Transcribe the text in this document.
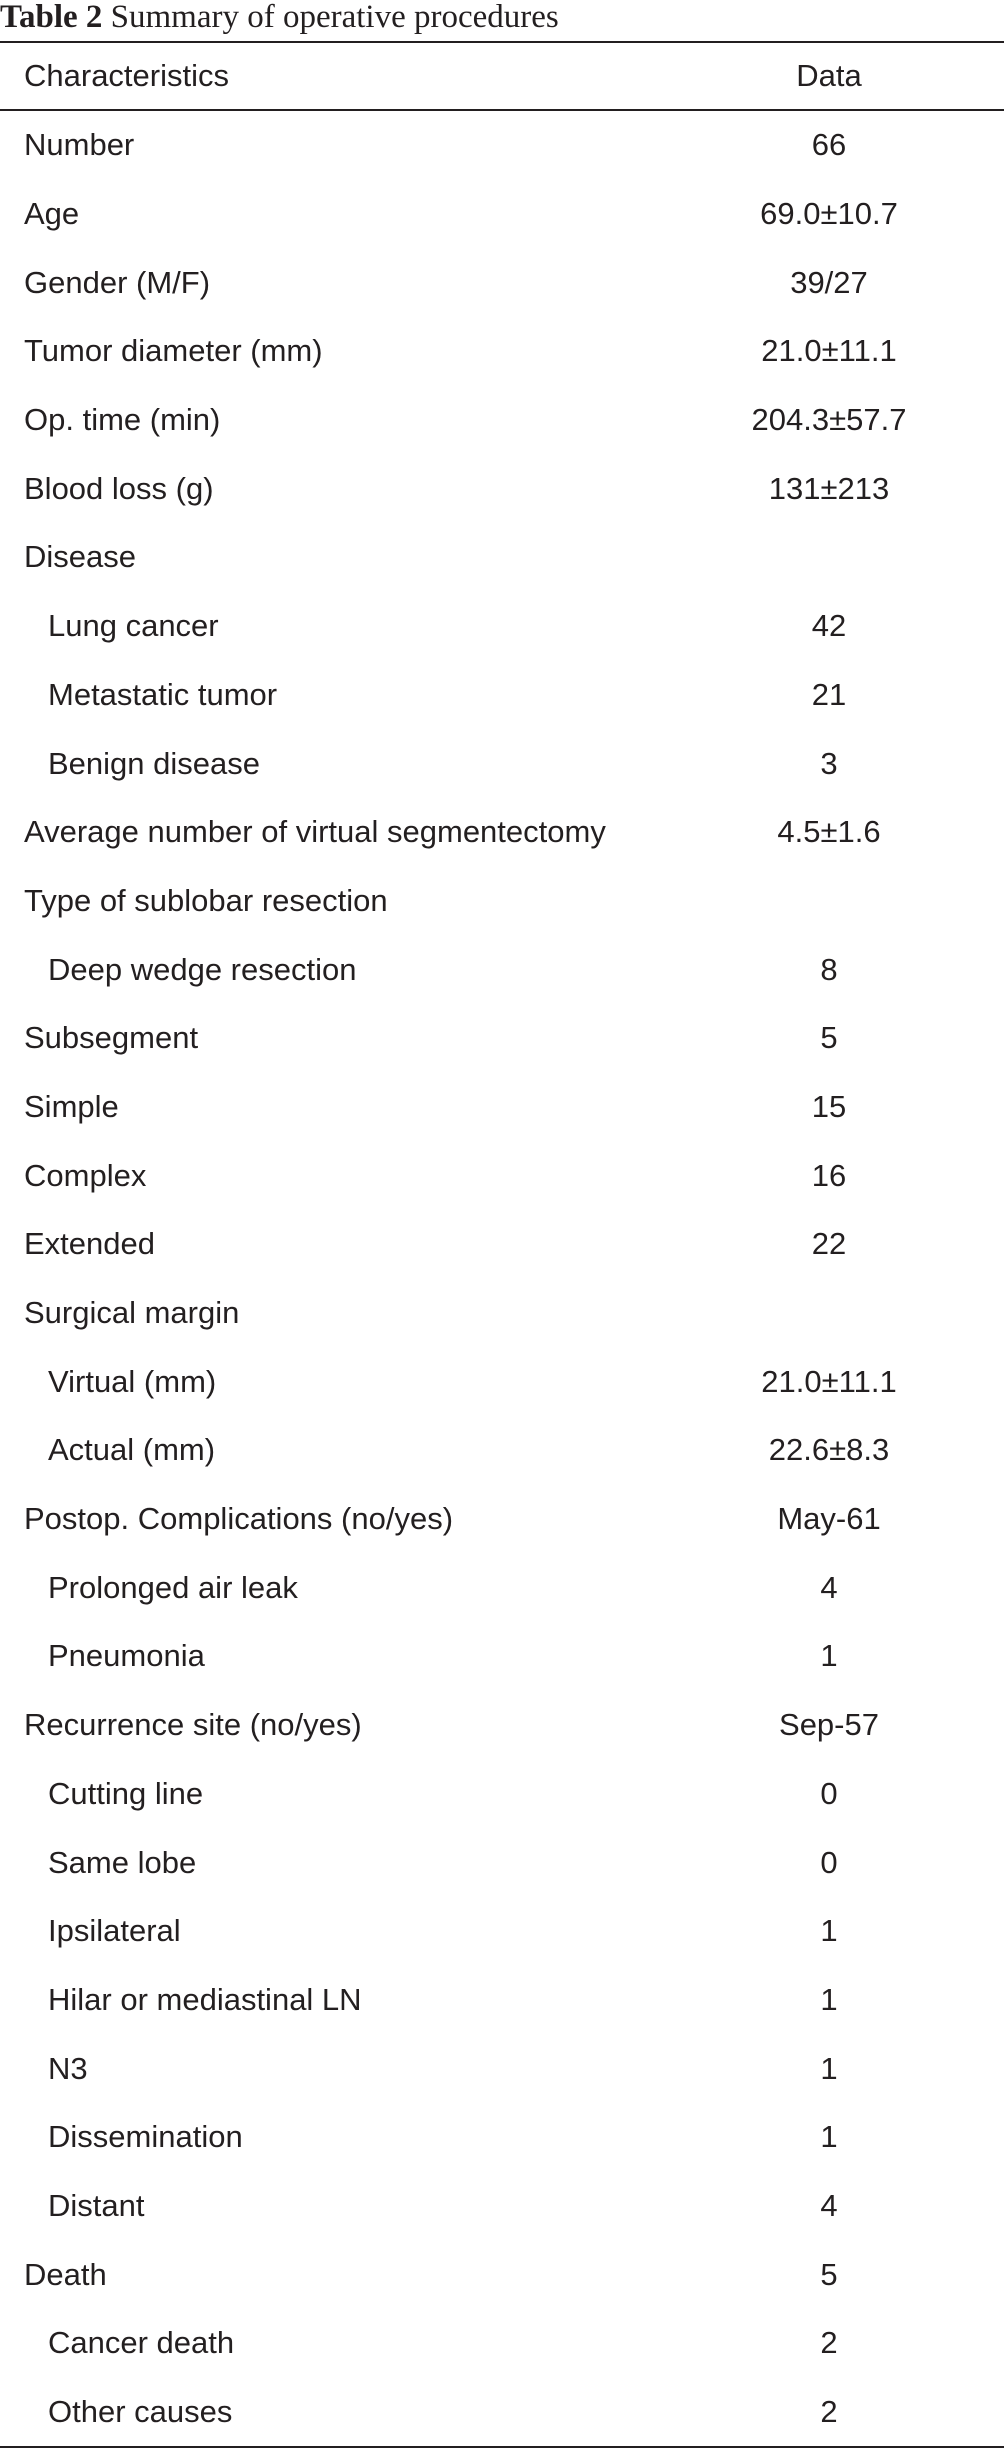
Table 2 Summary of operative procedures
Characteristics	Data
Number	66
Age	69.0±10.7
Gender (M/F)	39/27
Tumor diameter (mm)	21.0±11.1
Op. time (min)	204.3±57.7
Blood loss (g)	131±213
Disease	
Lung cancer	42
Metastatic tumor	21
Benign disease	3
Average number of virtual segmentectomy	4.5±1.6
Type of sublobar resection	
Deep wedge resection	8
Subsegment	5
Simple	15
Complex	16
Extended	22
Surgical margin	
Virtual (mm)	21.0±11.1
Actual (mm)	22.6±8.3
Postop. Complications (no/yes)	May-61
Prolonged air leak	4
Pneumonia	1
Recurrence site (no/yes)	Sep-57
Cutting line	0
Same lobe	0
Ipsilateral	1
Hilar or mediastinal LN	1
N3	1
Dissemination	1
Distant	4
Death	5
Cancer death	2
Other causes	2
